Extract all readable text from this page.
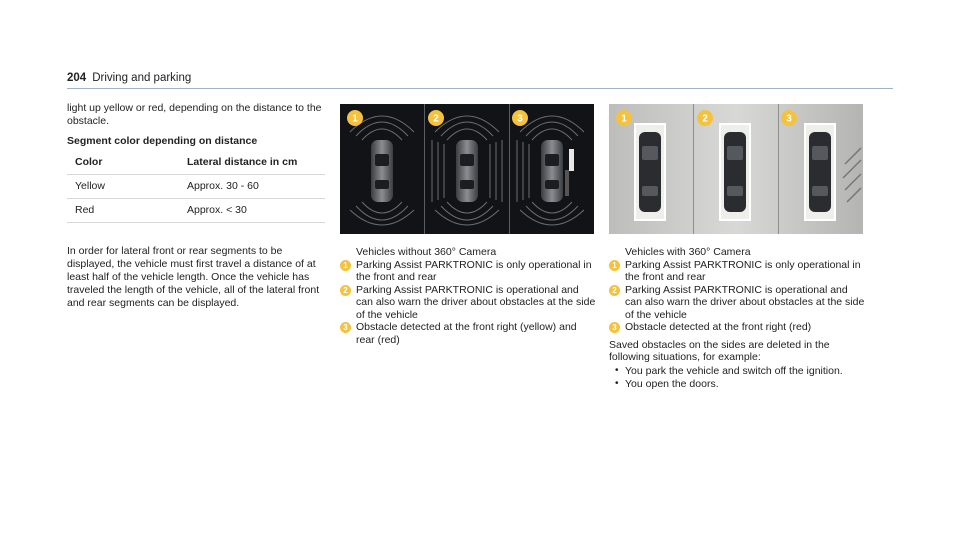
204 Driving and parking

light up yellow or red, depending on the distance to the obstacle.

Segment color depending on distance

Color	Lateral distance in cm
Yellow	Approx. 30 - 60
Red	Approx. < 30

In order for lateral front or rear segments to be displayed, the vehicle must first travel a distance of at least half of the vehicle length. Once the vehicle has traveled the length of the vehicle, all of the lateral front and rear segments can be displayed.

1	2	3	1	2	3
Vehicles without 360° Camera
1 Parking Assist PARKTRONIC is only operational in the front and rear
2 Parking Assist PARKTRONIC is operational and can also warn the driver about obstacles at the side of the vehicle
3 Obstacle detected at the front right (yellow) and rear (red)
Vehicles with 360° Camera
1 Parking Assist PARKTRONIC is only operational in the front and rear
2 Parking Assist PARKTRONIC is operational and can also warn the driver about obstacles at the side of the vehicle
3 Obstacle detected at the front right (red)
Saved obstacles on the sides are deleted in the following situations, for example:
• You park the vehicle and switch off the ignition.
• You open the doors.
